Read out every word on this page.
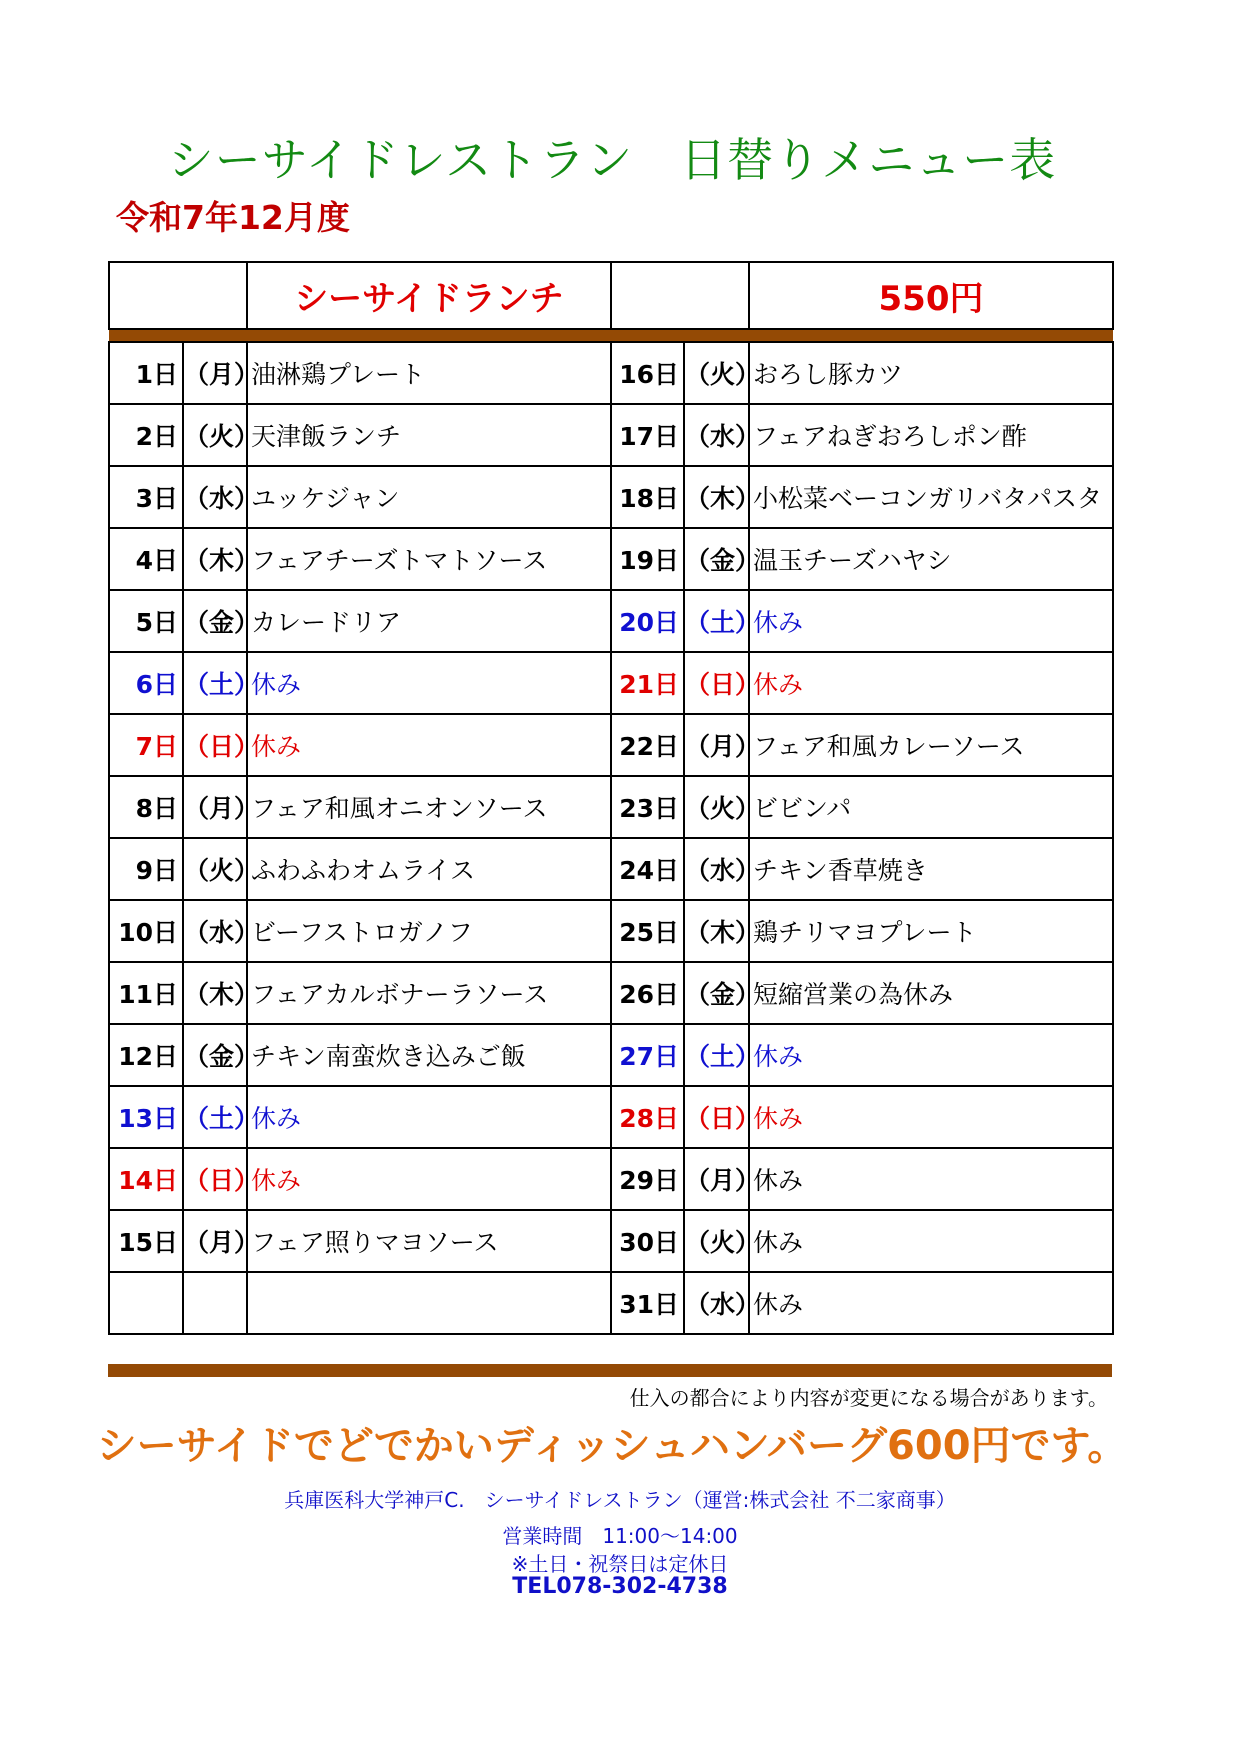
シーサイドレストラン　日替りメニュー表
令和7年12月度
		シーサイドランチ			550円

1日	（月）	油淋鶏プレート	16日	（火）	おろし豚カツ
2日	（火）	天津飯ランチ	17日	（水）	フェアねぎおろしポン酢
3日	（水）	ユッケジャン	18日	（木）	小松菜ベーコンガリバタパスタ
4日	（木）	フェアチーズトマトソース	19日	（金）	温玉チーズハヤシ
5日	（金）	カレードリア	20日	（土）	休み
6日	（土）	休み	21日	（日）	休み
7日	（日）	休み	22日	（月）	フェア和風カレーソース
8日	（月）	フェア和風オニオンソース	23日	（火）	ビビンパ
9日	（火）	ふわふわオムライス	24日	（水）	チキン香草焼き
10日	（水）	ビーフストロガノフ	25日	（木）	鶏チリマヨプレート
11日	（木）	フェアカルボナーラソース	26日	（金）	短縮営業の為休み
12日	（金）	チキン南蛮炊き込みご飯	27日	（土）	休み
13日	（土）	休み	28日	（日）	休み
14日	（日）	休み	29日	（月）	休み
15日	（月）	フェア照りマヨソース	30日	（火）	休み
			31日	（水）	休み
仕入の都合により内容が変更になる場合があります。
シーサイドでどでかいディッシュハンバーグ600円です。
兵庫医科大学神戸C.　シーサイドレストラン（運営:株式会社 不二家商事）
営業時間　11:00～14:00
※土日・祝祭日は定休日
TEL078-302-4738
